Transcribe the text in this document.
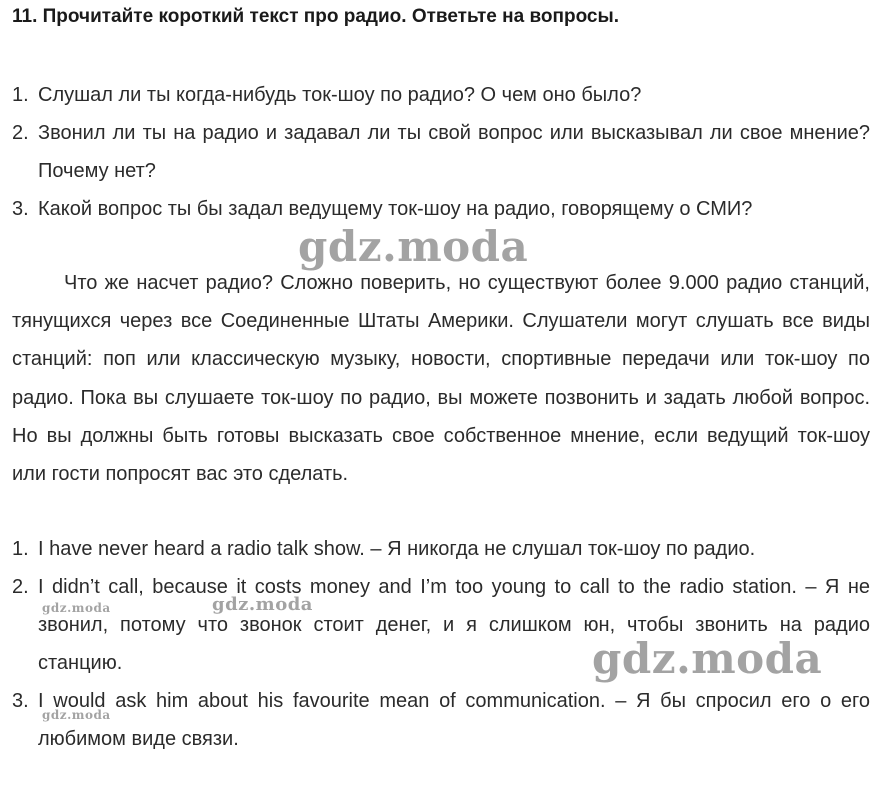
11. Прочитайте короткий текст про радио. Ответьте на вопросы.
1. Слушал ли ты когда-нибудь ток-шоу по радио? О чем оно было?
2. Звонил ли ты на радио и задавал ли ты свой вопрос или высказывал ли свое мнение? Почему нет?
3. Какой вопрос ты бы задал ведущему ток-шоу на радио, говорящему о СМИ?
Что же насчет радио? Сложно поверить, но существуют более 9.000 радио станций, тянущихся через все Соединенные Штаты Америки. Слушатели могут слушать все виды станций: поп или классическую музыку, новости, спортивные передачи или ток-шоу по радио. Пока вы слушаете ток-шоу по радио, вы можете позвонить и задать любой вопрос. Но вы должны быть готовы высказать свое собственное мнение, если ведущий ток-шоу или гости попросят вас это сделать.
1. I have never heard a radio talk show. – Я никогда не слушал ток-шоу по радио.
2. I didn’t call, because it costs money and I’m too young to call to the radio station. – Я не звонил, потому что звонок стоит денег, и я слишком юн, чтобы звонить на радио станцию.
3. I would ask him about his favourite mean of communication. – Я бы спросил его о его любимом виде связи.
gdz.moda
gdz.moda
gdz.moda
gdz.moda
gdz.moda
